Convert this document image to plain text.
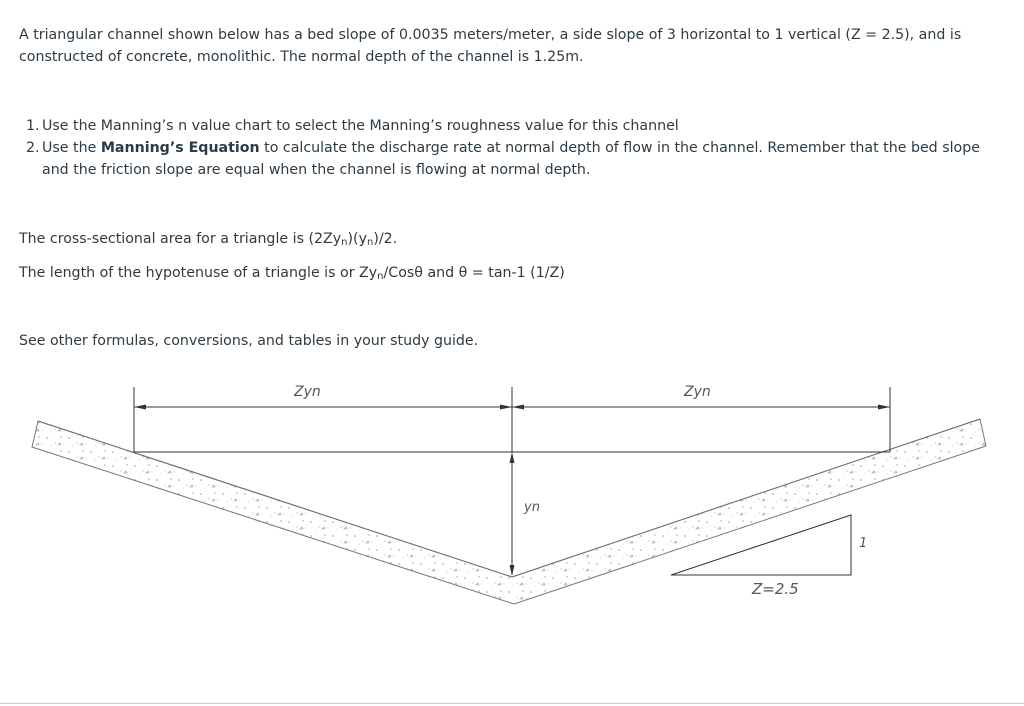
A triangular channel shown below has a bed slope of 0.0035 meters/meter, a side slope of 3 horizontal to 1 vertical (Z = 2.5), and is constructed of concrete, monolithic. The normal depth of the channel is 1.25m.

1. Use the Manning’s n value chart to select the Manning’s roughness value for this channel
2. Use the Manning’s Equation to calculate the discharge rate at normal depth of flow in the channel. Remember that the bed slope and the friction slope are equal when the channel is flowing at normal depth.

The cross-sectional area for a triangle is $(2Zy_n)(y_n)/2$.

The length of the hypotenuse of a triangle is or $Zy_n$/Cosθ and θ = tan-1 (1/Z)

See other formulas, conversions, and tables in your study guide.

Zyn	Zyn
yn
1
Z=2.5
